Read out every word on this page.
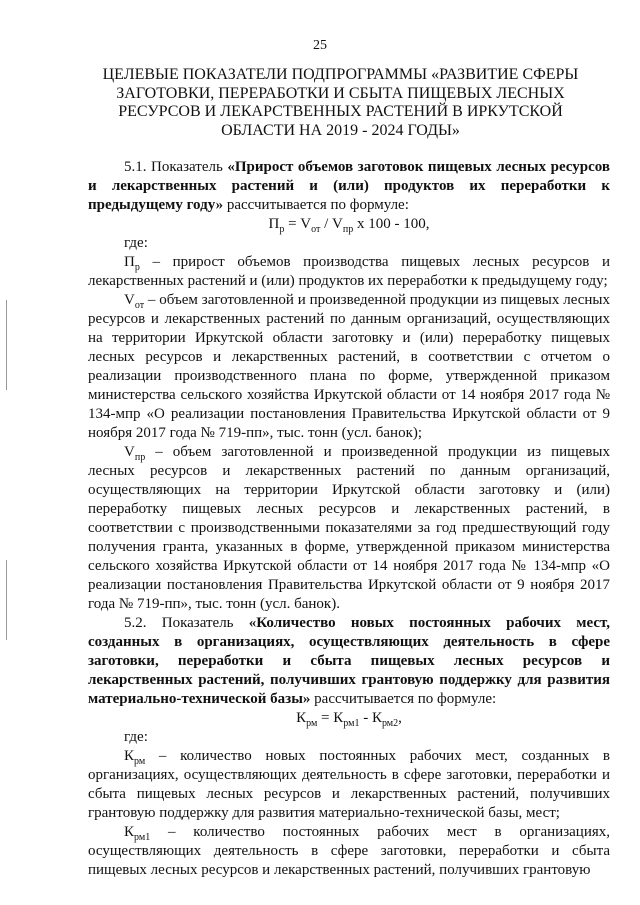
25
ЦЕЛЕВЫЕ ПОКАЗАТЕЛИ ПОДПРОГРАММЫ «РАЗВИТИЕ СФЕРЫ ЗАГОТОВКИ, ПЕРЕРАБОТКИ И СБЫТА ПИЩЕВЫХ ЛЕСНЫХ РЕСУРСОВ И ЛЕКАРСТВЕННЫХ РАСТЕНИЙ В ИРКУТСКОЙ ОБЛАСТИ НА 2019 - 2024 ГОДЫ»

5.1. Показатель «Прирост объемов заготовок пищевых лесных ресурсов и лекарственных растений и (или) продуктов их переработки к предыдущему году» рассчитывается по формуле:

$П_р = V_{от} / V_{пр}$ х 100 - 100,

где:

$П_р$ – прирост объемов производства пищевых лесных ресурсов и лекарственных растений и (или) продуктов их переработки к предыдущему году;

$V_{от}$ – объем заготовленной и произведенной продукции из пищевых лесных ресурсов и лекарственных растений по данным организаций, осуществляющих на территории Иркутской области заготовку и (или) переработку пищевых лесных ресурсов и лекарственных растений, в соответствии с отчетом о реализации производственного плана по форме, утвержденной приказом министерства сельского хозяйства Иркутской области от 14 ноября 2017 года № 134-мпр «О реализации постановления Правительства Иркутской области от 9 ноября 2017 года № 719-пп», тыс. тонн (усл. банок);

$V_{пр}$ – объем заготовленной и произведенной продукции из пищевых лесных ресурсов и лекарственных растений по данным организаций, осуществляющих на территории Иркутской области заготовку и (или) переработку пищевых лесных ресурсов и лекарственных растений, в соответствии с производственными показателями за год предшествующий году получения гранта, указанных в форме, утвержденной приказом министерства сельского хозяйства Иркутской области от 14 ноября 2017 года № 134-мпр «О реализации постановления Правительства Иркутской области от 9 ноября 2017 года № 719-пп», тыс. тонн (усл. банок).

5.2. Показатель «Количество новых постоянных рабочих мест, созданных в организациях, осуществляющих деятельность в сфере заготовки, переработки и сбыта пищевых лесных ресурсов и лекарственных растений, получивших грантовую поддержку для развития материально-технической базы» рассчитывается по формуле:

$К_{рм} = К_{рм1} - К_{рм2}$,

где:

$К_{рм}$ – количество новых постоянных рабочих мест, созданных в организациях, осуществляющих деятельность в сфере заготовки, переработки и сбыта пищевых лесных ресурсов и лекарственных растений, получивших грантовую поддержку для развития материально-технической базы, мест;

$К_{рм1}$ – количество постоянных рабочих мест в организациях, осуществляющих деятельность в сфере заготовки, переработки и сбыта пищевых лесных ресурсов и лекарственных растений, получивших грантовую
